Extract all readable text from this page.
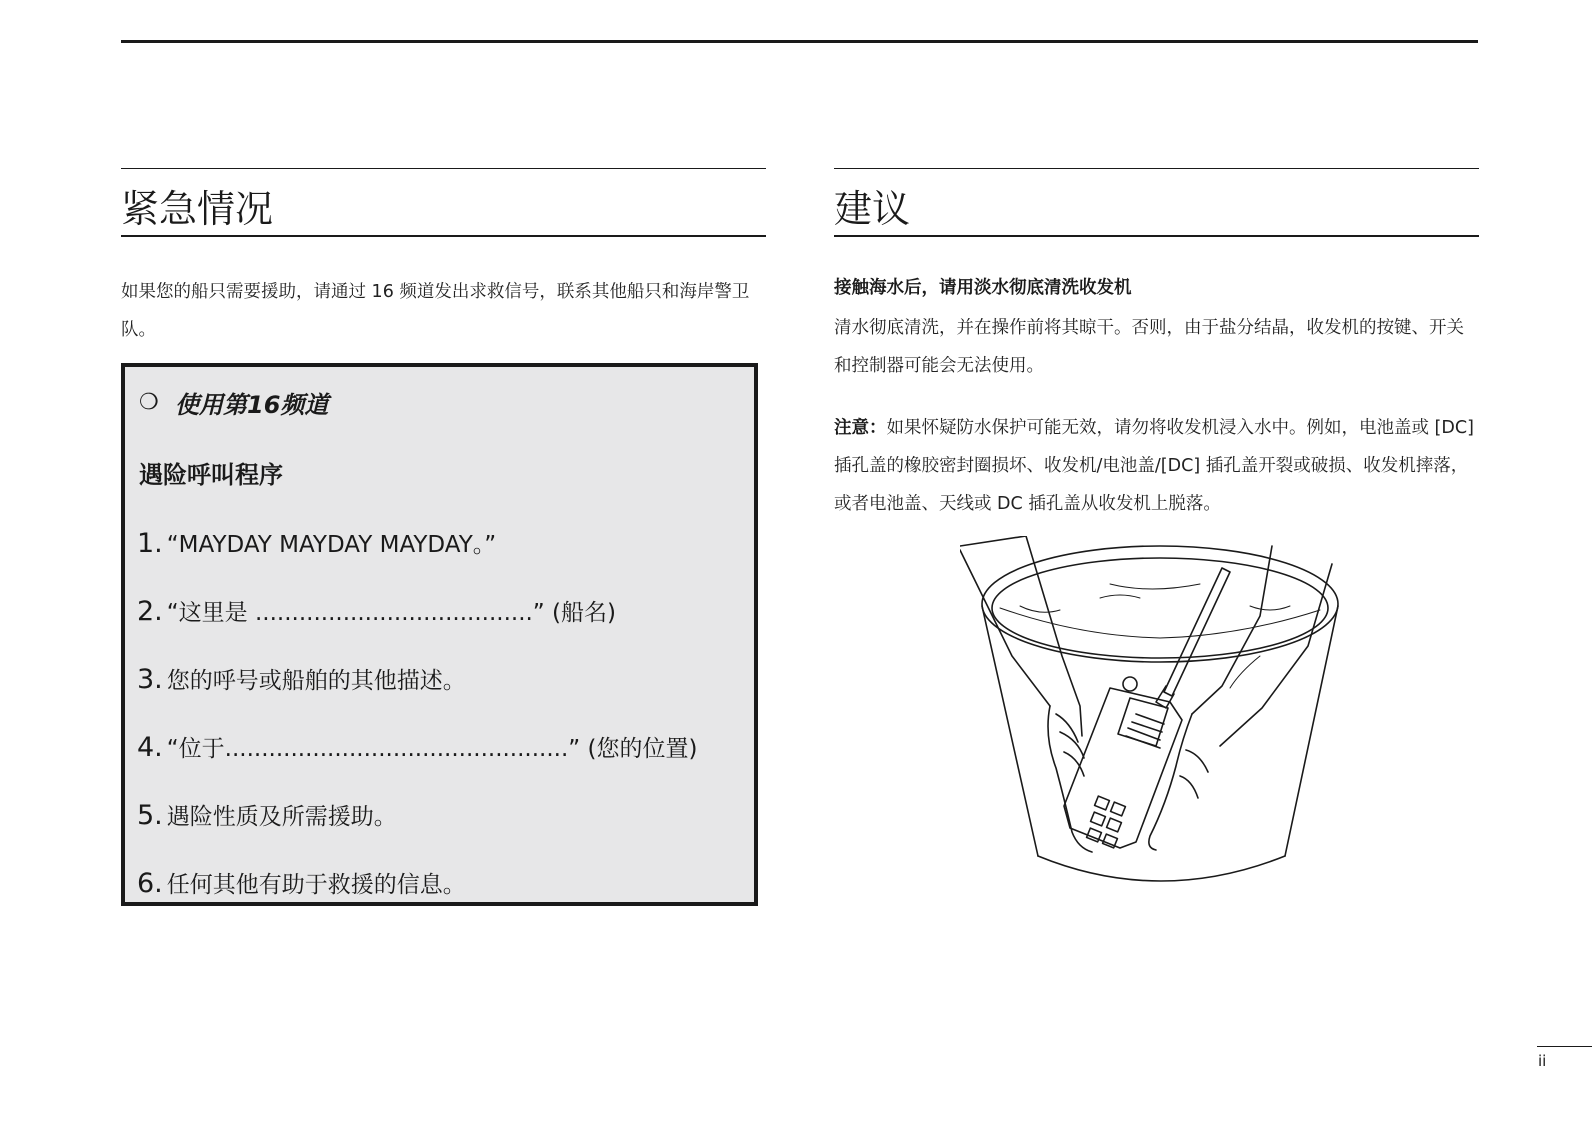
紧急情况

如果您的船只需要援助，请通过 16 频道发出求救信号，联系其他船只和海岸警卫队。

❍ 使用第16频道
遇险呼叫程序
1. “MAYDAY MAYDAY MAYDAY。”
2. “这里是 ......................................” (船名)
3. 您的呼号或船舶的其他描述。
4. “位于...............................................” (您的位置)
5. 遇险性质及所需援助。
6. 任何其他有助于救援的信息。
建议

接触海水后，请用淡水彻底清洗收发机

清水彻底清洗，并在操作前将其晾干。否则，由于盐分结晶，收发机的按键、开关和控制器可能会无法使用。

注意：如果怀疑防水保护可能无效，请勿将收发机浸入水中。例如，电池盖或 [DC] 插孔盖的橡胶密封圈损坏、收发机/电池盖/[DC] 插孔盖开裂或破损、收发机摔落，或者电池盖、天线或 DC 插孔盖从收发机上脱落。

ii
